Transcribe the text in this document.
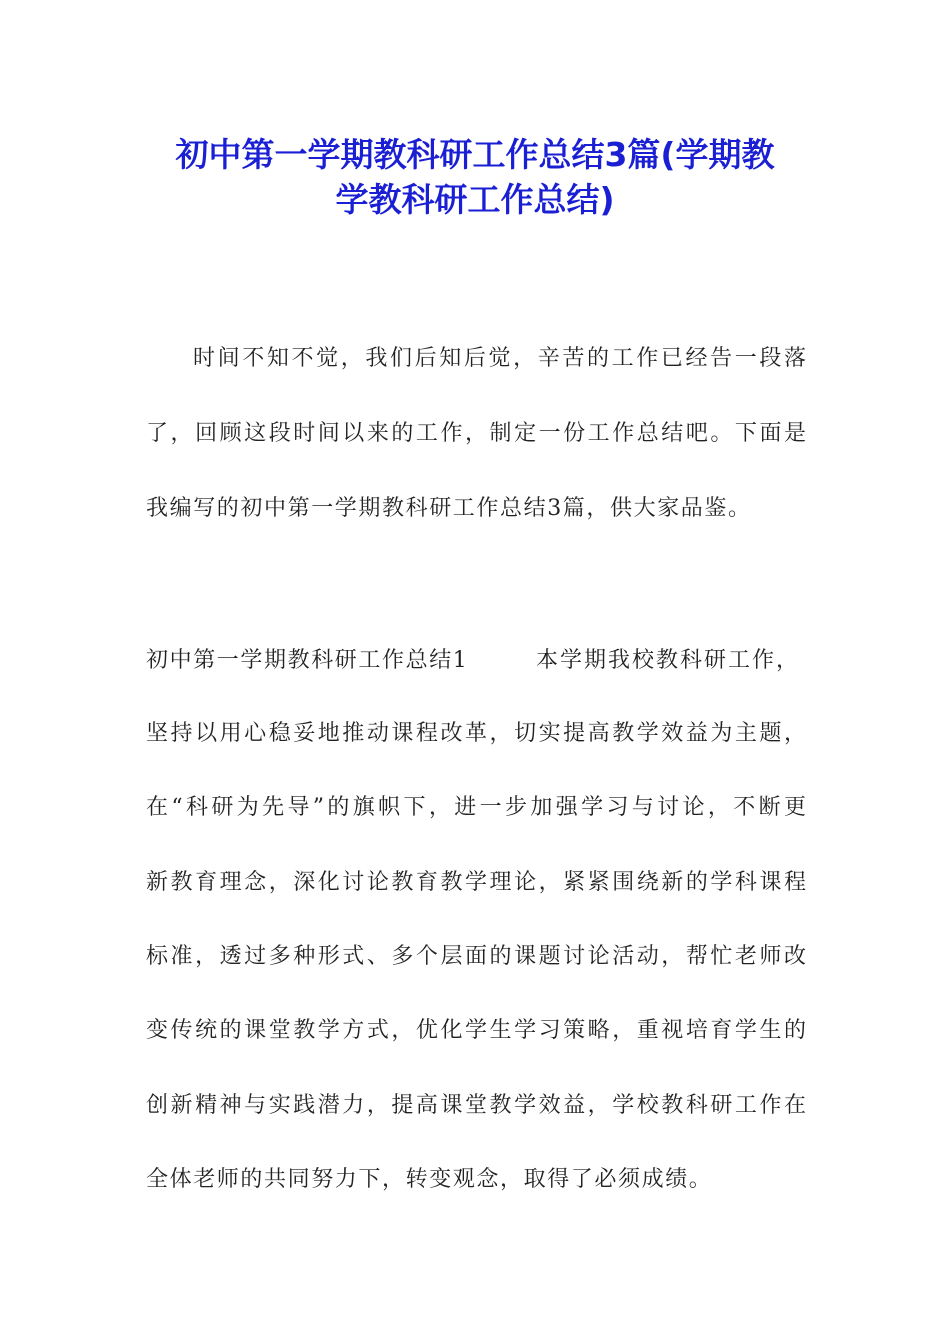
初中第一学期教科研工作总结3篇(学期教
学教科研工作总结)
时间不知不觉，我们后知后觉，辛苦的工作已经告一段落
了，回顾这段时间以来的工作，制定一份工作总结吧。下面是
我编写的初中第一学期教科研工作总结3篇，供大家品鉴。
初中第一学期教科研工作总结1	本学期我校教科研工作，
坚持以用心稳妥地推动课程改革，切实提高教学效益为主题，
在“科研为先导”的旗帜下，进一步加强学习与讨论，不断更
新教育理念，深化讨论教育教学理论，紧紧围绕新的学科课程
标准，透过多种形式、多个层面的课题讨论活动，帮忙老师改
变传统的课堂教学方式，优化学生学习策略，重视培育学生的
创新精神与实践潜力，提高课堂教学效益，学校教科研工作在
全体老师的共同努力下，转变观念，取得了必须成绩。
